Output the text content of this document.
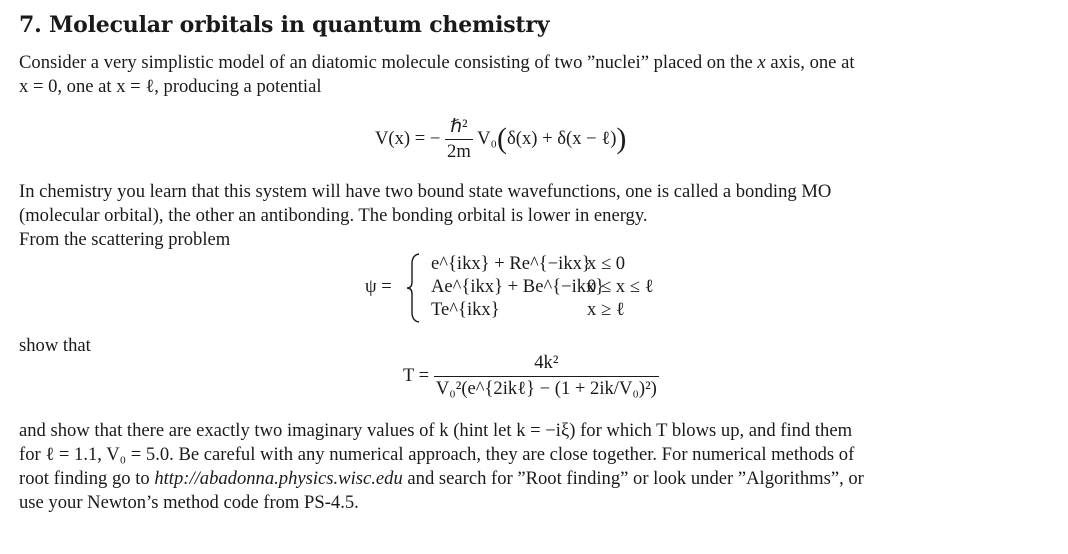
7. Molecular orbitals in quantum chemistry
Consider a very simplistic model of an diatomic molecule consisting of two ”nuclei” placed on the x axis, one at
x = 0, one at x = ℓ, producing a potential
V(x) = − $\frac{\text{ℏ²}}{2m} V_0(\delta(x) + \delta(x$ − ℓ))
In chemistry you learn that this system will have two bound state wavefunctions, one is called a bonding MO
(molecular orbital), the other an antibonding. The bonding orbital is lower in energy.
From the scattering problem
ψ =
e^{ikx} + Re^{−ikx}
Ae^{ikx} + Be^{−ikx}
Te^{ikx}
x ≤ 0
0 ≤ x ≤ ℓ
x ≥ ℓ
show that
$T = \frac{\text{4k²}}{\text{V₀²(e\textasciicircum{}\{2ikℓ\} − (1 + 2ik/V₀)²)}}$
and show that there are exactly two imaginary values of k (hint let k = −iξ) for which T blows up, and find them
for ℓ = 1.1, V₀ = 5.0. Be careful with any numerical approach, they are close together. For numerical methods of
root finding go to http://abadonna.physics.wisc.edu and search for ”Root finding” or look under ”Algorithms”, or
use your Newton’s method code from PS-4.5.
